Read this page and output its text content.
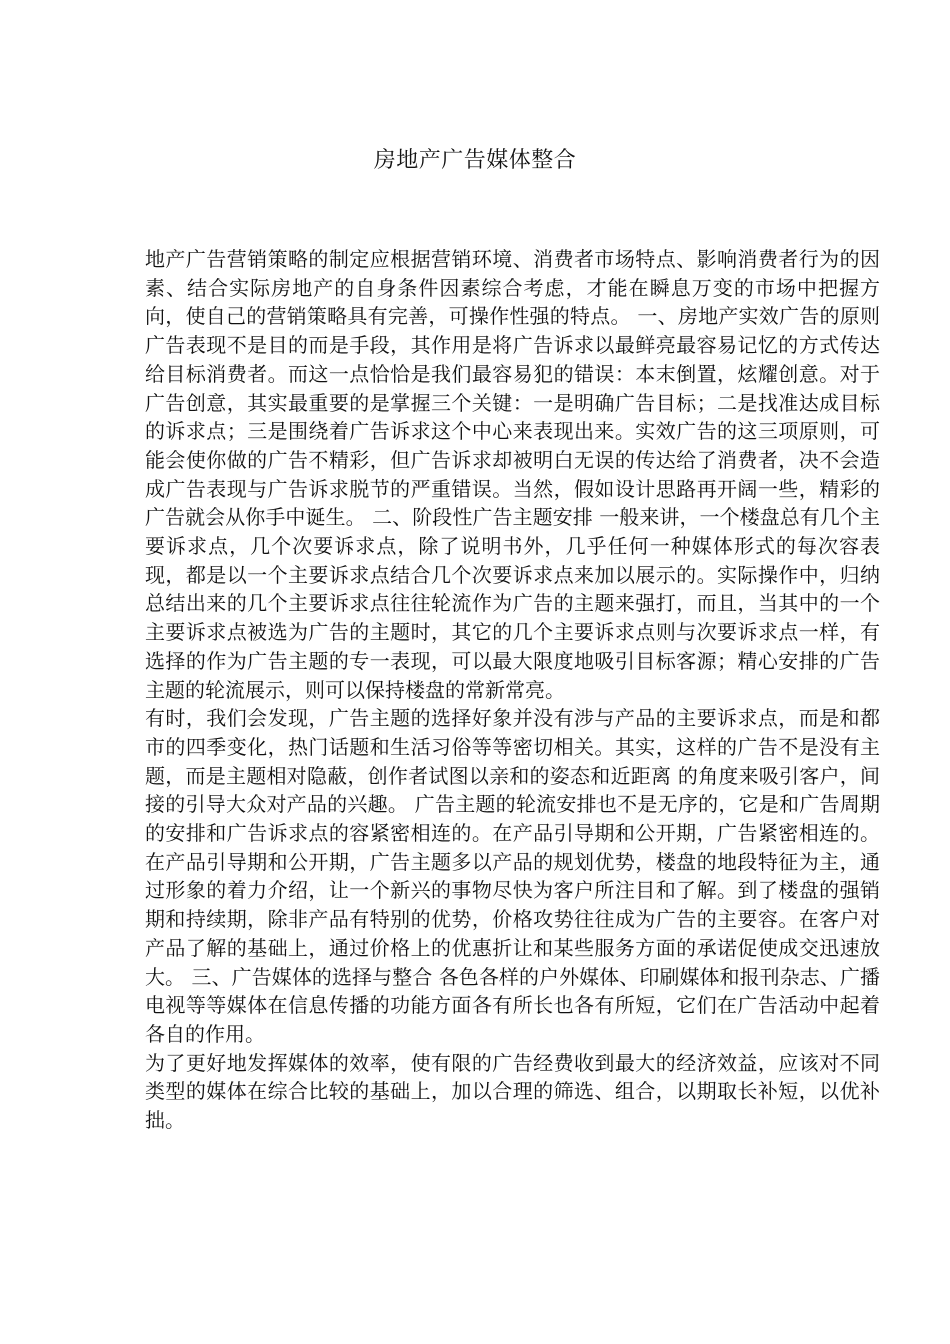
房地产广告媒体整合

地产广告营销策略的制定应根据营销环境、消费者市场特点、影响消费者行为的因素、结合实际房地产的自身条件因素综合考虑，才能在瞬息万变的市场中把握方向，使自己的营销策略具有完善，可操作性强的特点。 一、房地产实效广告的原则 广告表现不是目的而是手段，其作用是将广告诉求以最鲜亮最容易记忆的方式传达给目标消费者。而这一点恰恰是我们最容易犯的错误：本末倒置，炫耀创意。对于广告创意，其实最重要的是掌握三个关键：一是明确广告目标；二是找准达成目标的诉求点；三是围绕着广告诉求这个中心来表现出来。实效广告的这三项原则，可能会使你做的广告不精彩，但广告诉求却被明白无误的传达给了消费者，决不会造成广告表现与广告诉求脱节的严重错误。当然，假如设计思路再开阔一些，精彩的广告就会从你手中诞生。 二、阶段性广告主题安排 一般来讲，一个楼盘总有几个主要诉求点，几个次要诉求点，除了说明书外，几乎任何一种媒体形式的每次容表现，都是以一个主要诉求点结合几个次要诉求点来加以展示的。实际操作中，归纳总结出来的几个主要诉求点往往轮流作为广告的主题来强打，而且，当其中的一个主要诉求点被选为广告的主题时，其它的几个主要诉求点则与次要诉求点一样，有选择的作为广告主题的专一表现，可以最大限度地吸引目标客源；精心安排的广告主题的轮流展示，则可以保持楼盘的常新常亮。

有时，我们会发现，广告主题的选择好象并没有涉与产品的主要诉求点，而是和都市的四季变化，热门话题和生活习俗等等密切相关。其实，这样的广告不是没有主题，而是主题相对隐蔽，创作者试图以亲和的姿态和近距离 的角度来吸引客户，间接的引导大众对产品的兴趣。 广告主题的轮流安排也不是无序的，它是和广告周期的安排和广告诉求点的容紧密相连的。在产品引导期和公开期，广告紧密相连的。在产品引导期和公开期，广告主题多以产品的规划优势，楼盘的地段特征为主，通过形象的着力介绍，让一个新兴的事物尽快为客户所注目和了解。到了楼盘的强销期和持续期，除非产品有特别的优势，价格攻势往往成为广告的主要容。在客户对产品了解的基础上，通过价格上的优惠折让和某些服务方面的承诺促使成交迅速放大。 三、广告媒体的选择与整合 各色各样的户外媒体、印刷媒体和报刊杂志、广播电视等等媒体在信息传播的功能方面各有所长也各有所短，它们在广告活动中起着各自的作用。

为了更好地发挥媒体的效率，使有限的广告经费收到最大的经济效益，应该对不同类型的媒体在综合比较的基础上，加以合理的筛选、组合，以期取长补短，以优补拙。
